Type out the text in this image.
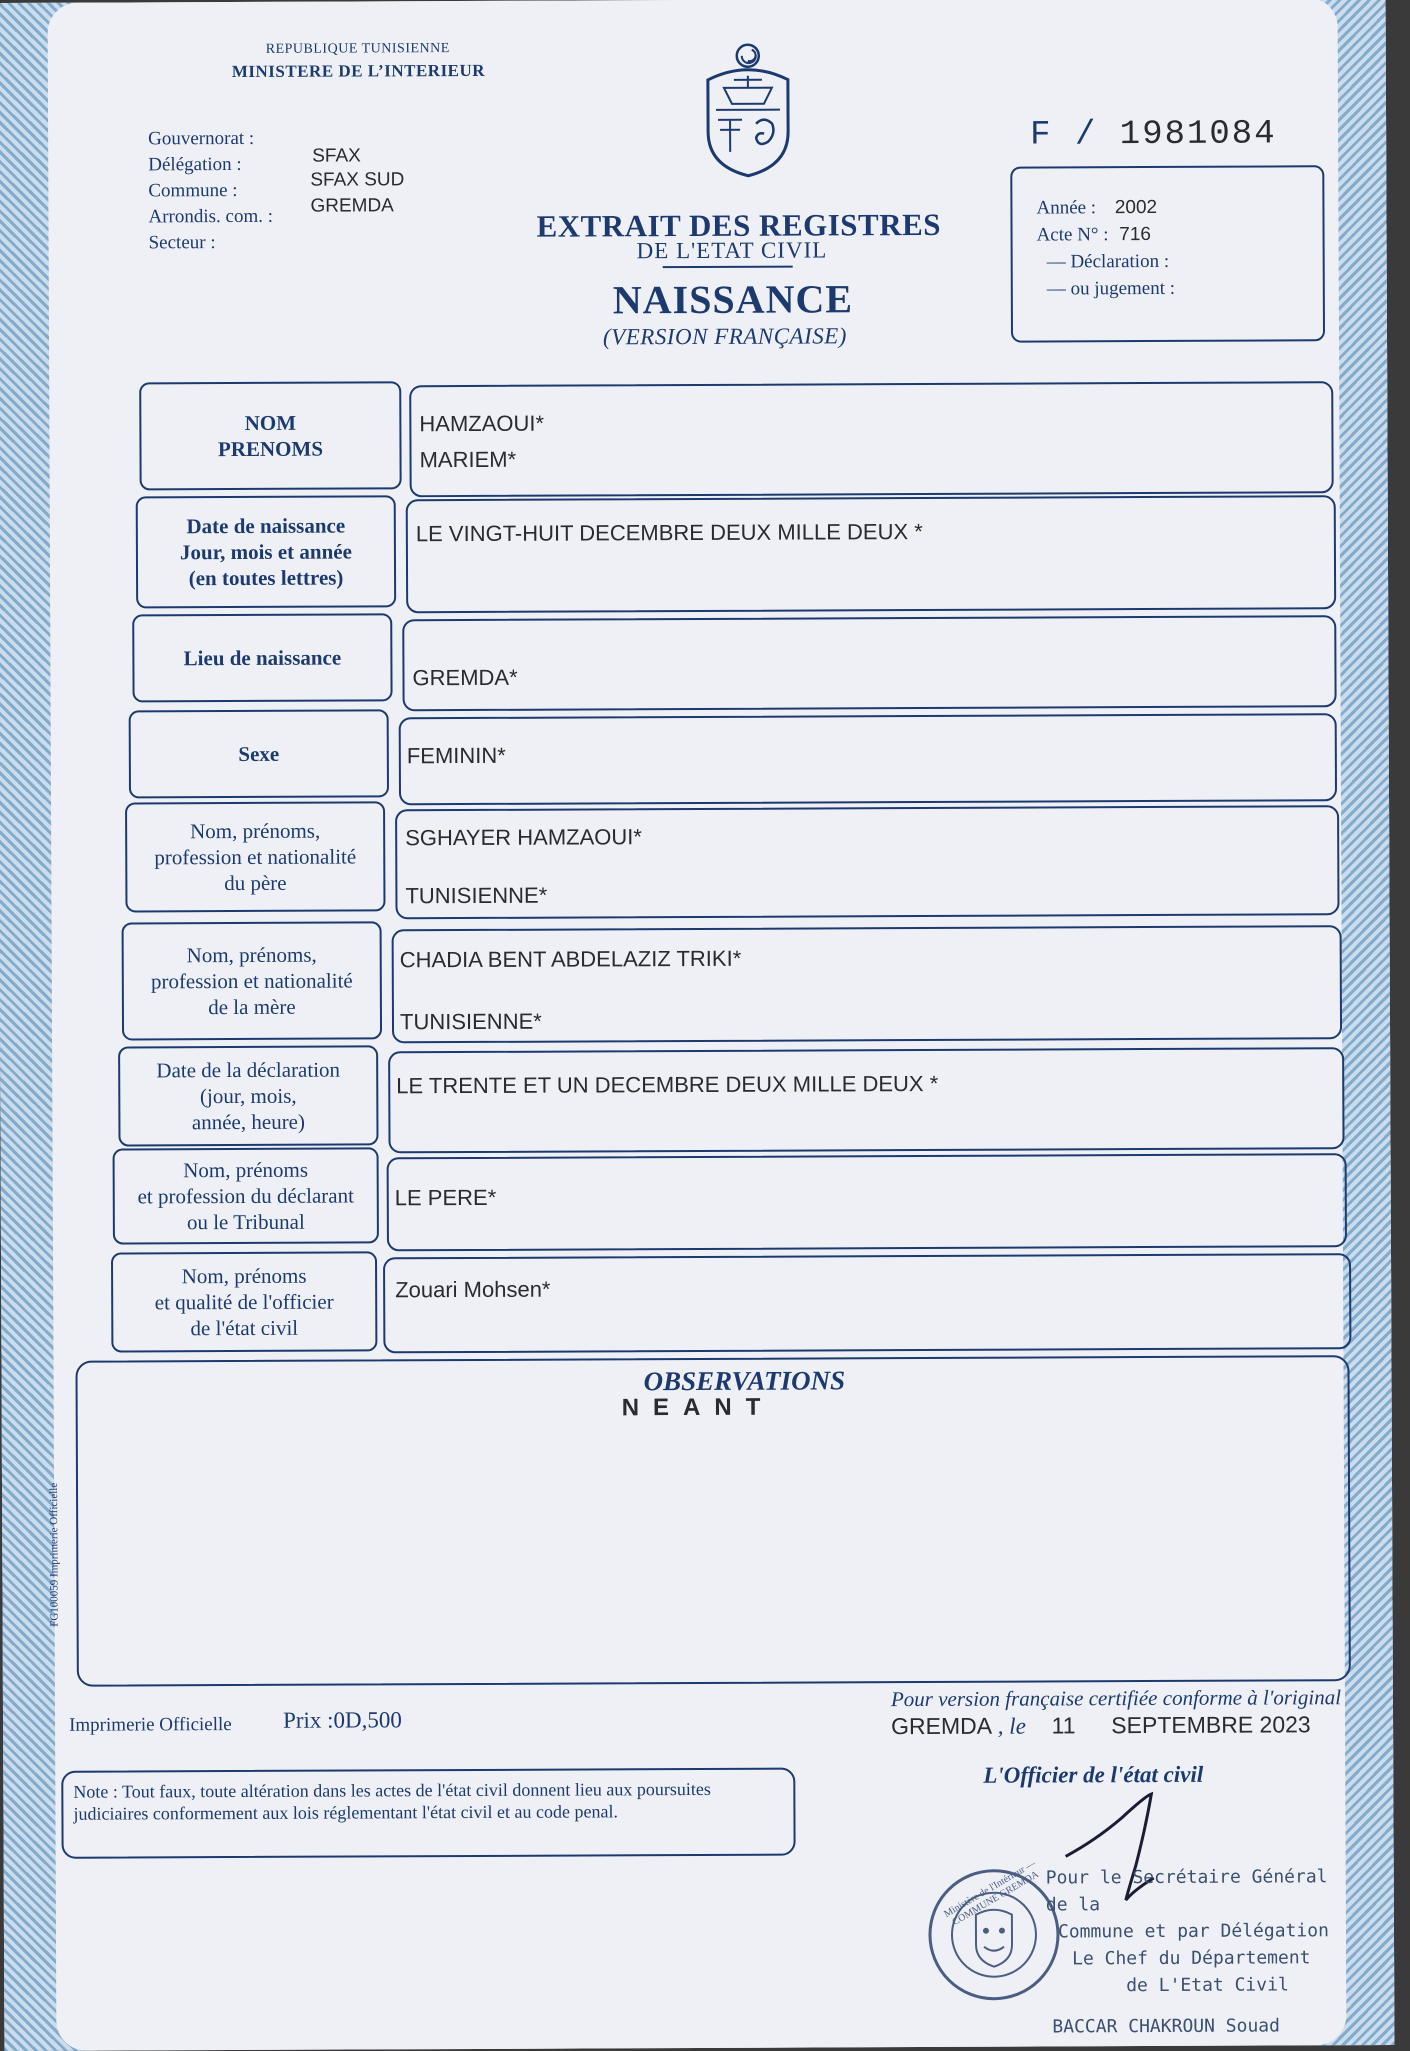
REPUBLIQUE TUNISIENNE
MINISTERE DE L’INTERIEUR
Gouvernorat :
Délégation :
Commune :
Arrondis. com. :
Secteur :
SFAX
SFAX SUD
GREMDA
EXTRAIT DES REGISTRES
DE L'ETAT CIVIL
NAISSANCE
(VERSION FRANÇAISE)
F / 1981084
Année : 2002
Acte N° : 716
— Déclaration :
— ou jugement :
NOM
PRENOMS
HAMZAOUI*
MARIEM*
Date de naissance
Jour, mois et année
(en toutes lettres)
LE VINGT-HUIT DECEMBRE DEUX MILLE DEUX *
Lieu de naissance
GREMDA*
Sexe	FEMININ*
Nom, prénoms,
profession et nationalité
du père
SGHAYER HAMZAOUI*
TUNISIENNE*
Nom, prénoms,
profession et nationalité
de la mère
CHADIA BENT ABDELAZIZ TRIKI*
TUNISIENNE*
Date de la déclaration
(jour, mois,
année, heure)
LE TRENTE ET UN DECEMBRE DEUX MILLE DEUX *
Nom, prénoms
et profession du déclarant
ou le Tribunal
LE PERE*
Nom, prénoms
et qualité de l'officier
de l'état civil
Zouari Mohsen*
OBSERVATIONS
NEANT
FG100059 Imprimerie Officielle
Imprimerie Officielle Prix :0D,500
Pour version française certifiée conforme à l'original
GREMDA , le 11 SEPTEMBRE 2023
Note : Tout faux, toute altération dans les actes de l'état civil donnent lieu aux poursuites judiciaires conformement aux lois réglementant l'état civil et au code penal.
L'Officier de l'état civil
Ministère de l'Intérieur — COMMUNE GREMDA Pour le Secrétaire Général de la
Commune et par Délégation
Le Chef du Département
de L'Etat Civil
BACCAR CHAKROUN Souad
